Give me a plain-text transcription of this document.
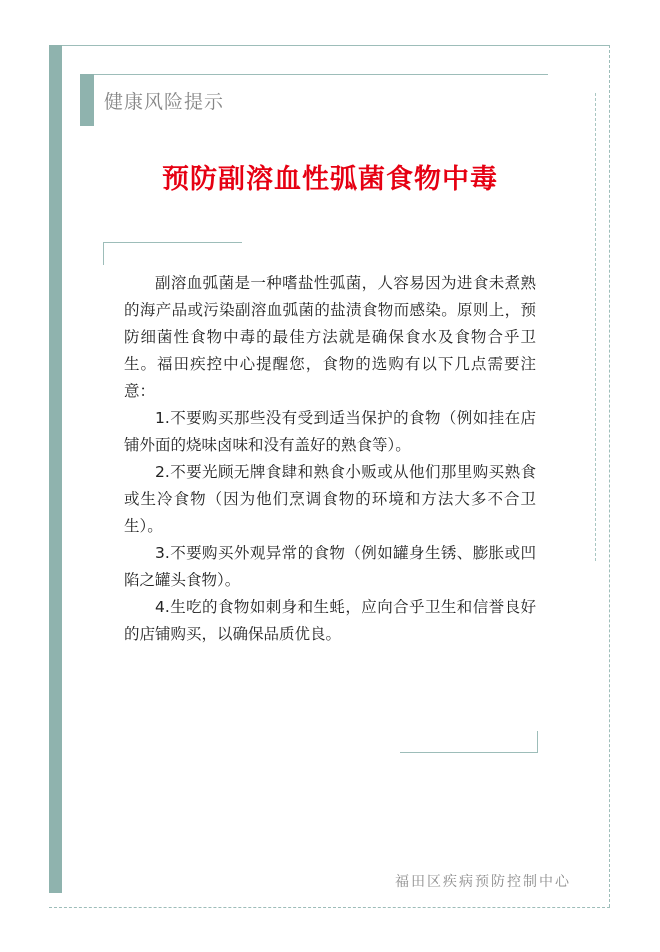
健康风险提示
预防副溶血性弧菌食物中毒

副溶血弧菌是一种嗜盐性弧菌，人容易因为进食未煮熟的海产品或污染副溶血弧菌的盐渍食物而感染。原则上，预防细菌性食物中毒的最佳方法就是确保食水及食物合乎卫生。福田疾控中心提醒您，食物的选购有以下几点需要注意：

1.不要购买那些没有受到适当保护的食物（例如挂在店铺外面的烧味卤味和没有盖好的熟食等）。

2.不要光顾无牌食肆和熟食小贩或从他们那里购买熟食或生冷食物（因为他们烹调食物的环境和方法大多不合卫生）。

3.不要购买外观异常的食物（例如罐身生锈、膨胀或凹陷之罐头食物）。

4.生吃的食物如刺身和生蚝，应向合乎卫生和信誉良好的店铺购买，以确保品质优良。

福田区疾病预防控制中心
